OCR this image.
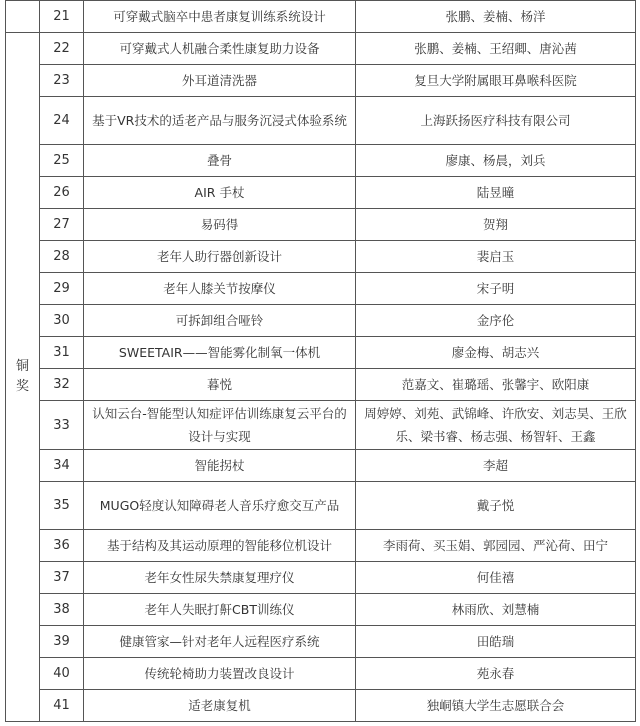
	21	可穿戴式脑卒中患者康复训练系统设计	张鹏、姜楠、杨洋
铜奖	22	可穿戴式人机融合柔性康复助力设备	张鹏、姜楠、王绍卿、唐沁茜
	23	外耳道清洗器	复旦大学附属眼耳鼻喉科医院
	24	基于VR技术的适老产品与服务沉浸式体验系统	上海跃扬医疗科技有限公司
	25	叠骨	廖康、杨晨，刘兵
	26	AIR 手杖	陆昱曈
	27	易码得	贺翔
	28	老年人助行器创新设计	裴启玉
	29	老年人膝关节按摩仪	宋子明
	30	可拆卸组合哑铃	金序伦
	31	SWEETAIR——智能雾化制氧一体机	廖金梅、胡志兴
	32	暮悦	范嘉文、崔璐瑶、张馨宇、欧阳康
	33	认知云台-智能型认知症评估训练康复云平台的设计与实现	周婷婷、刘苑、武锦峰、许欣安、刘志昊、王欣乐、梁书睿、杨志强、杨智轩、王鑫
	34	智能拐杖	李超
	35	MUGO轻度认知障碍老人音乐疗愈交互产品	戴子悦
	36	基于结构及其运动原理的智能移位机设计	李雨荷、买玉娟、郭园园、严沁荷、田宁
	37	老年女性尿失禁康复理疗仪	何佳禧
	38	老年人失眠打鼾CBT训练仪	林雨欣、刘慧楠
	39	健康管家—针对老年人远程医疗系统	田皓瑞
	40	传统轮椅助力装置改良设计	苑永春
	41	适老康复机	独峒镇大学生志愿联合会
